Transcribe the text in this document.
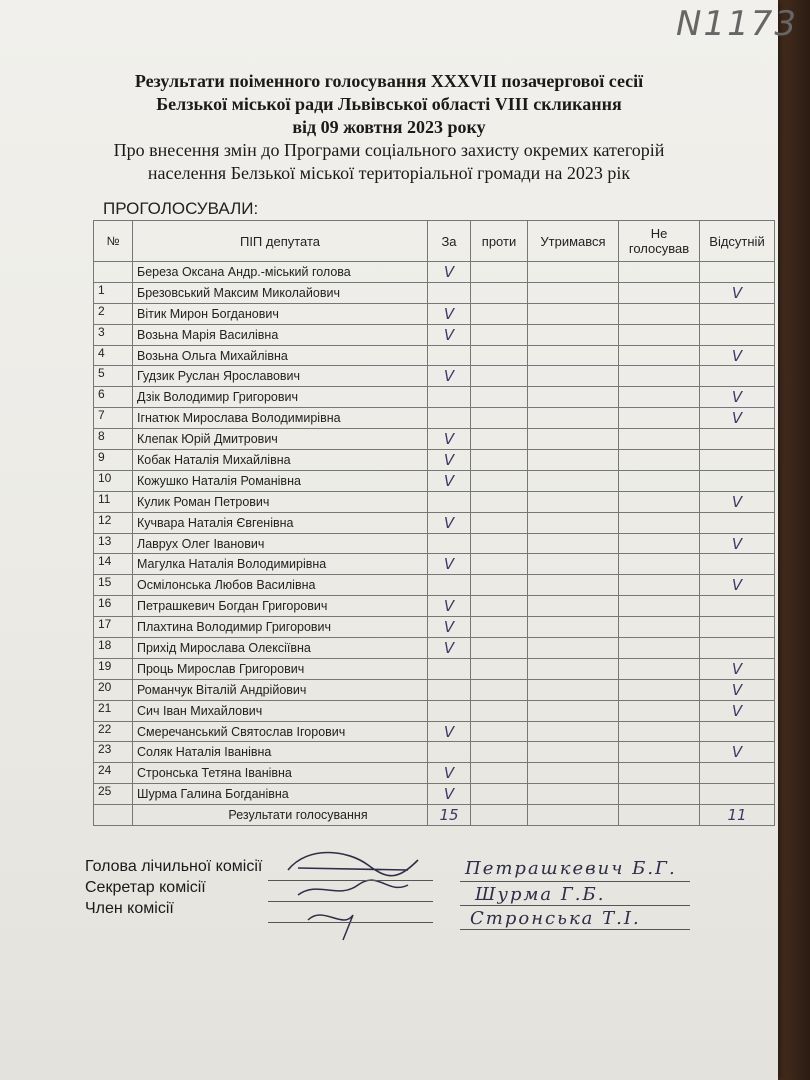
N1173
Результати поіменного голосування XXXVII позачергової сесії
Белзької міської ради Львівської області VIII скликання
від 09 жовтня 2023 року
Про внесення змін до Програми соціального захисту окремих категорій
населення Белзької міської територіальної громади на 2023 рік
ПРОГОЛОСУВАЛИ:
№	ПІП депутата	За	проти	Утримався	Не
голосував	Відсутній
	Береза Оксана Андр.-міський голова	V				
1	Брезовський Максим Миколайович					V
2	Вітик Мирон Богданович	V				
3	Возьна Марія Василівна	V				
4	Возьна Ольга Михайлівна					V
5	Гудзик Руслан Ярославович	V				
6	Дзік Володимир Григорович					V
7	Ігнатюк Мирослава Володимирівна					V
8	Клепак Юрій Дмитрович	V				
9	Кобак Наталія Михайлівна	V				
10	Кожушко Наталія Романівна	V				
11	Кулик Роман Петрович					V
12	Кучвара Наталія Євгенівна	V				
13	Лаврух Олег Іванович					V
14	Магулка Наталія Володимирівна	V				
15	Осмілонська Любов Василівна					V
16	Петрашкевич Богдан Григорович	V				
17	Плахтина Володимир Григорович	V				
18	Прихід Мирослава Олексіївна	V				
19	Проць Мирослав Григорович					V
20	Романчук Віталій Андрійович					V
21	Сич Іван Михайлович					V
22	Смеречанський Святослав Ігорович	V				
23	Соляк Наталія Іванівна					V
24	Стронська Тетяна Іванівна	V				
25	Шурма Галина Богданівна	V				
	Результати голосування	15				11
Голова лічильної комісії
Секретар комісії
Член комісії
Петрашкевич Б.Г.
Шурма Г.Б.
Стронська Т.І.
